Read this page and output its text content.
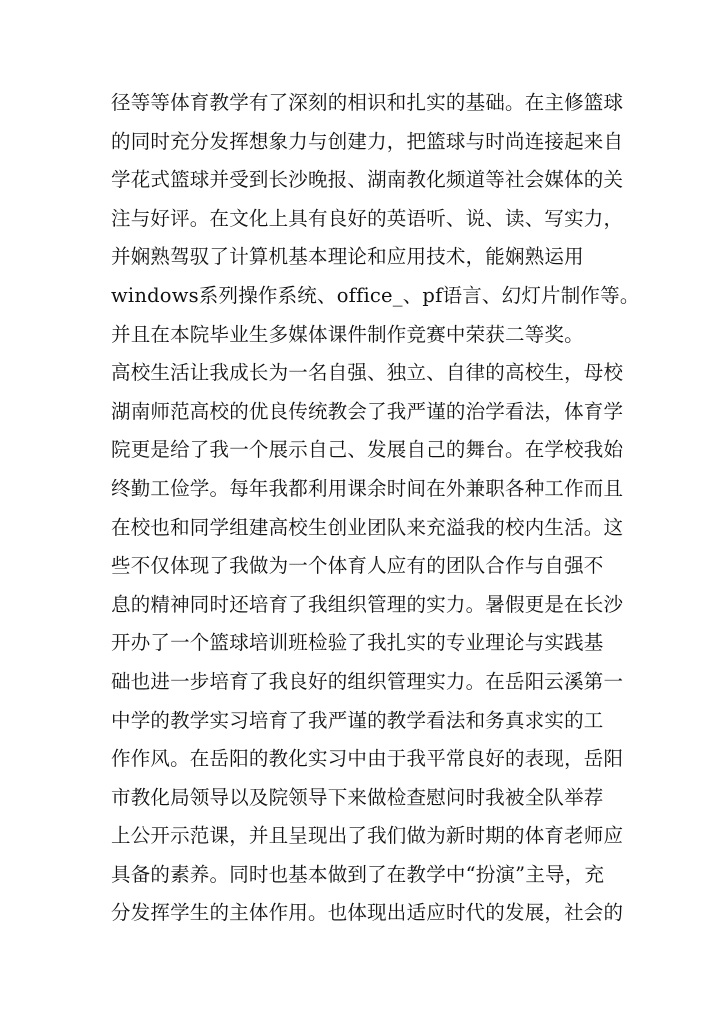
径等等体育教学有了深刻的相识和扎实的基础。在主修篮球
的同时充分发挥想象力与创建力，把篮球与时尚连接起来自
学花式篮球并受到长沙晚报、湖南教化频道等社会媒体的关
注与好评。在文化上具有良好的英语听、说、读、写实力，
并娴熟驾驭了计算机基本理论和应用技术，能娴熟运用
windows系列操作系统、office_、pf语言、幻灯片制作等。
并且在本院毕业生多媒体课件制作竞赛中荣获二等奖。
高校生活让我成长为一名自强、独立、自律的高校生，母校
湖南师范高校的优良传统教会了我严谨的治学看法，体育学
院更是给了我一个展示自己、发展自己的舞台。在学校我始
终勤工俭学。每年我都利用课余时间在外兼职各种工作而且
在校也和同学组建高校生创业团队来充溢我的校内生活。这
些不仅体现了我做为一个体育人应有的团队合作与自强不
息的精神同时还培育了我组织管理的实力。暑假更是在长沙
开办了一个篮球培训班检验了我扎实的专业理论与实践基
础也进一步培育了我良好的组织管理实力。在岳阳云溪第一
中学的教学实习培育了我严谨的教学看法和务真求实的工
作作风。在岳阳的教化实习中由于我平常良好的表现，岳阳
市教化局领导以及院领导下来做检查慰问时我被全队举荐
上公开示范课，并且呈现出了我们做为新时期的体育老师应
具备的素养。同时也基本做到了在教学中“扮演”主导，充
分发挥学生的主体作用。也体现出适应时代的发展，社会的
